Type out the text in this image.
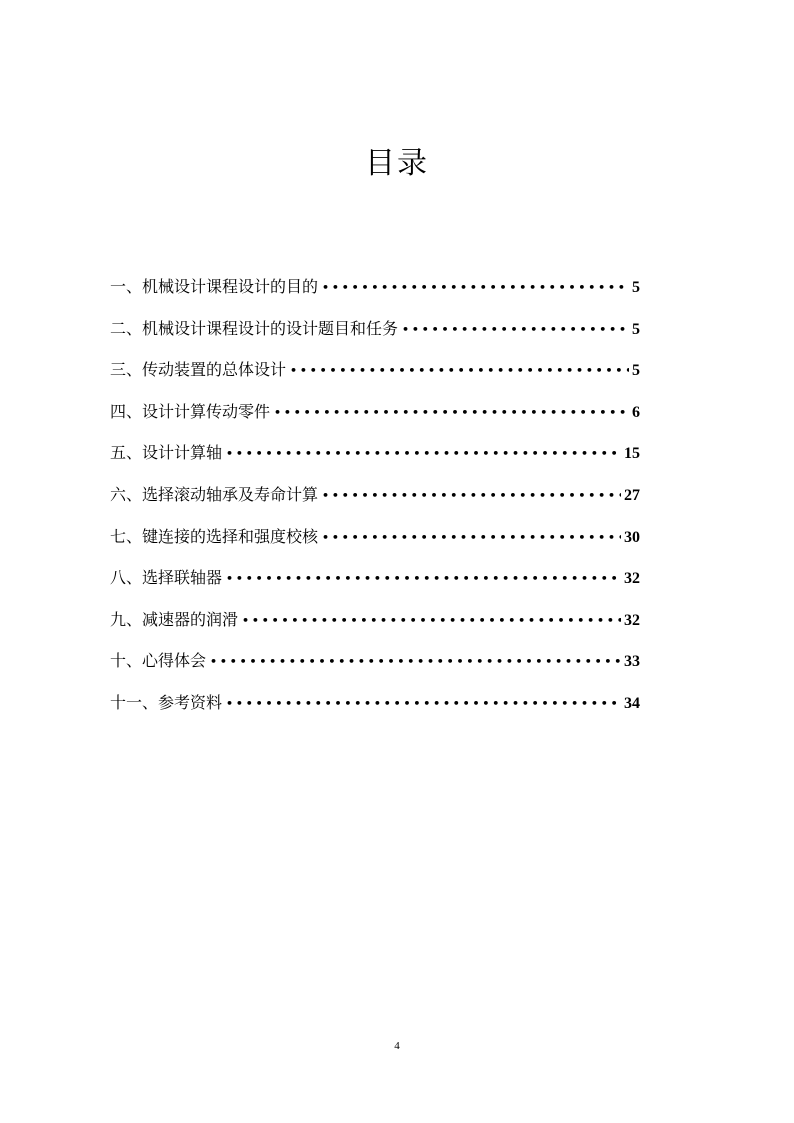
目录
一、机械设计课程设计的目的 • • •	5
二、机械设计课程设计的设计题目和任务 • • •	5
三、传动装置的总体设计 • • •	5
四、设计计算传动零件 • • •	6
五、设计计算轴 • • •	15
六、选择滚动轴承及寿命计算 • • •	27
七、键连接的选择和强度校核 • • •	30
八、选择联轴器 • • •	32
九、减速器的润滑 • • •	32
十、心得体会 • • •	33
十一、参考资料 • • •	34
4
